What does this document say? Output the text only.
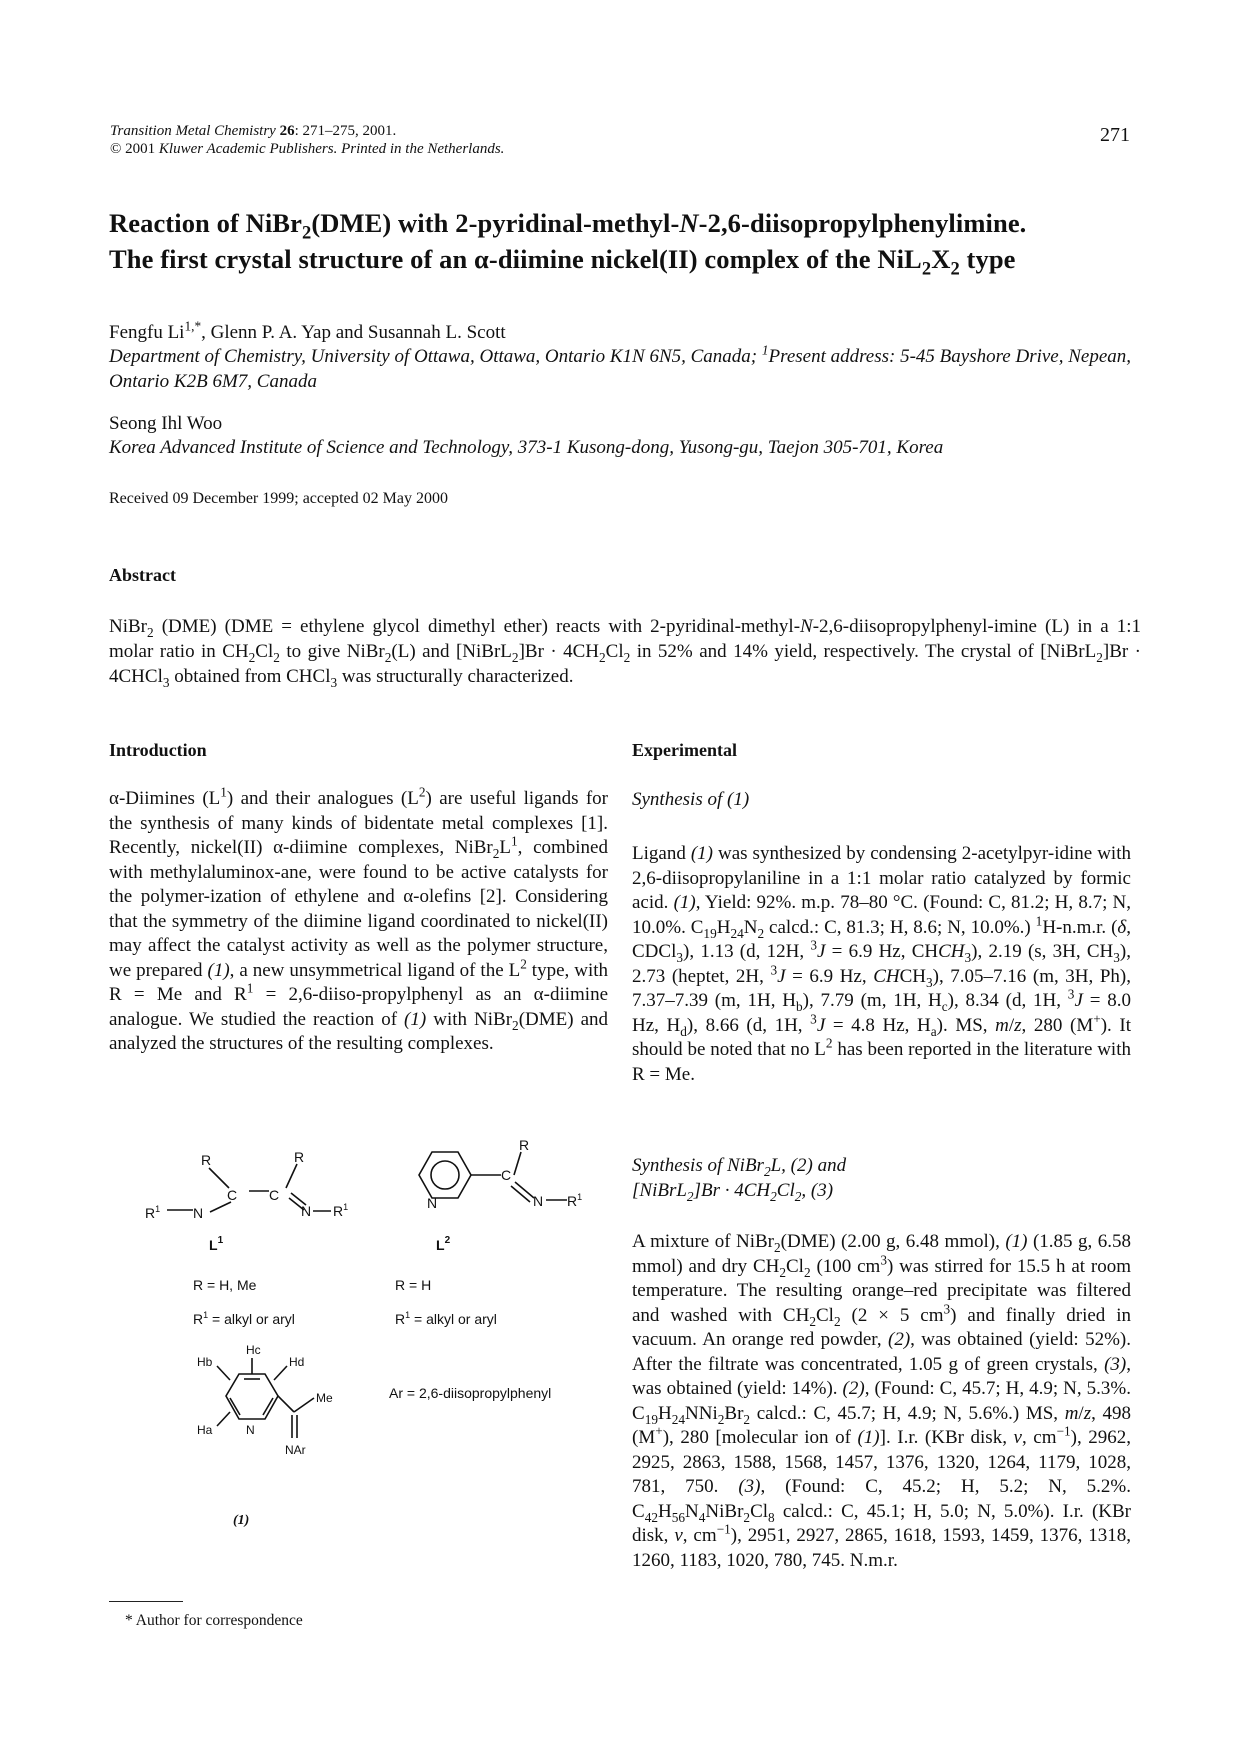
Transition Metal Chemistry 26: 271–275, 2001.
© 2001 Kluwer Academic Publishers. Printed in the Netherlands.
271
Reaction of NiBr$_2$(DME) with 2-pyridinal-methyl-N-2,6-diisopropylphenylimine.
The first crystal structure of an α-diimine nickel(II) complex of the $NiL_2X_2$ type
Fengfu $Li^{1,*}$, Glenn P. A. Yap and Susannah L. Scott
Department of Chemistry, University of Ottawa, Ottawa, Ontario K1N 6N5, Canada; $^1$Present address: 5-45 Bayshore Drive, Nepean, Ontario K2B 6M7, Canada
Seong Ihl Woo
Korea Advanced Institute of Science and Technology, 373-1 Kusong-dong, Yusong-gu, Taejon 305-701, Korea
Received 09 December 1999; accepted 02 May 2000
Abstract
NiBr$_2$ (DME) (DME = ethylene glycol dimethyl ether) reacts with 2-pyridinal-methyl-N-2,6-diisopropylphenyl-imine (L) in a 1:1 molar ratio in $CH_2Cl_2$ to give NiBr$_2$(L) and [NiBrL$_2$]Br · $4CH_2Cl_2$ in 52% and 14% yield, respectively. The crystal of [NiBrL$_2$]Br · 4CHCl$_3$ obtained from CHCl$_3$ was structurally characterized.
Introduction
α-Diimines $(L^1)$ and their analogues $(L^2)$ are useful ligands for the synthesis of many kinds of bidentate metal complexes [1]. Recently, nickel(II) α-diimine complexes, $NiBr_2L^1$, combined with methylaluminox-ane, were found to be active catalysts for the polymer-ization of ethylene and α-olefins [2]. Considering that the symmetry of the diimine ligand coordinated to nickel(II) may affect the catalyst activity as well as the polymer structure, we prepared (1), a new unsymmetrical ligand of the $L^2$ type, with R = Me and $R^1$ = 2,6-diiso-propylphenyl as an α-diimine analogue. We studied the reaction of (1) with NiBr$_2$(DME) and analyzed the structures of the resulting complexes.
R
C
N
$R^1$
C
R
N $R^1$	N
C
R
N $R^1$
$L^1$	$L^2$
R = H, Me
$R^1$ = alkyl or aryl
R = H
$R^1$ = alkyl or aryl
Hc
Hd
Hb
Ha	N
Me
NAr
Ar = 2,6-diisopropylphenyl
(1)
* Author for correspondence
Experimental
Synthesis of (1)
Ligand (1) was synthesized by condensing 2-acetylpyr-idine with 2,6-diisopropylaniline in a 1:1 molar ratio catalyzed by formic acid. (1), Yield: 92%. m.p. 78–80 °C. (Found: C, 81.2; H, 8.7; N, 10.0%. $C_{19}H_{24}N_2$ calcd.: C, 81.3; H, 8.6; N, 10.0%.) $^1$H-n.m.r. (δ, CDCl$_3$), 1.13 (d, 12H, $^3$J = 6.9 Hz, $CHCH_3$), 2.19 (s, 3H, $CH_3$), 2.73 (heptet, 2H, $^3$J = 6.9 Hz, $CHCH_3$), 7.05–7.16 (m, 3H, Ph), 7.37–7.39 (m, 1H, $H_b$), 7.79 (m, 1H, $H_c$), 8.34 (d, 1H, $^3$J = 8.0 Hz, $H_d$), 8.66 (d, 1H, $^3$J = 4.8 Hz, $H_a$). MS, m/z, 280 (M+). It should be noted that no $L^2$ has been reported in the literature with R = Me.
Synthesis of NiBr$_2$L, (2) and
[NiBrL$_2$]Br · $4CH_2Cl_2$, (3)
A mixture of NiBr$_2$(DME) (2.00 g, 6.48 mmol), (1) (1.85 g, 6.58 mmol) and dry $CH_2Cl_2$ (100 $cm^3$) was stirred for 15.5 h at room temperature. The resulting orange–red precipitate was filtered and washed with $CH_2Cl_2$ (2 × 5 $cm^3$) and finally dried in vacuum. An orange red powder, (2), was obtained (yield: 52%). After the filtrate was concentrated, 1.05 g of green crystals, (3), was obtained (yield: 14%). (2), (Found: C, 45.7; H, 4.9; N, 5.3%. $C_{19}H_{24}NNi_2Br_2$ calcd.: C, 45.7; H, 4.9; N, 5.6%.) MS, m/z, 498 (M+), 280 [molecular ion of (1)]. I.r. (KBr disk, v, $cm^{-1}$), 2962, 2925, 2863, 1588, 1568, 1457, 1376, 1320, 1264, 1179, 1028, 781, 750. (3), (Found: C, 45.2; H, 5.2; N, 5.2%. $C_{42}H_{56}N_4NiBr_2Cl_8$ calcd.: C, 45.1; H, 5.0; N, 5.0%). I.r. (KBr disk, v, $cm^{-1}$), 2951, 2927, 2865, 1618, 1593, 1459, 1376, 1318, 1260, 1183, 1020, 780, 745. N.m.r.
